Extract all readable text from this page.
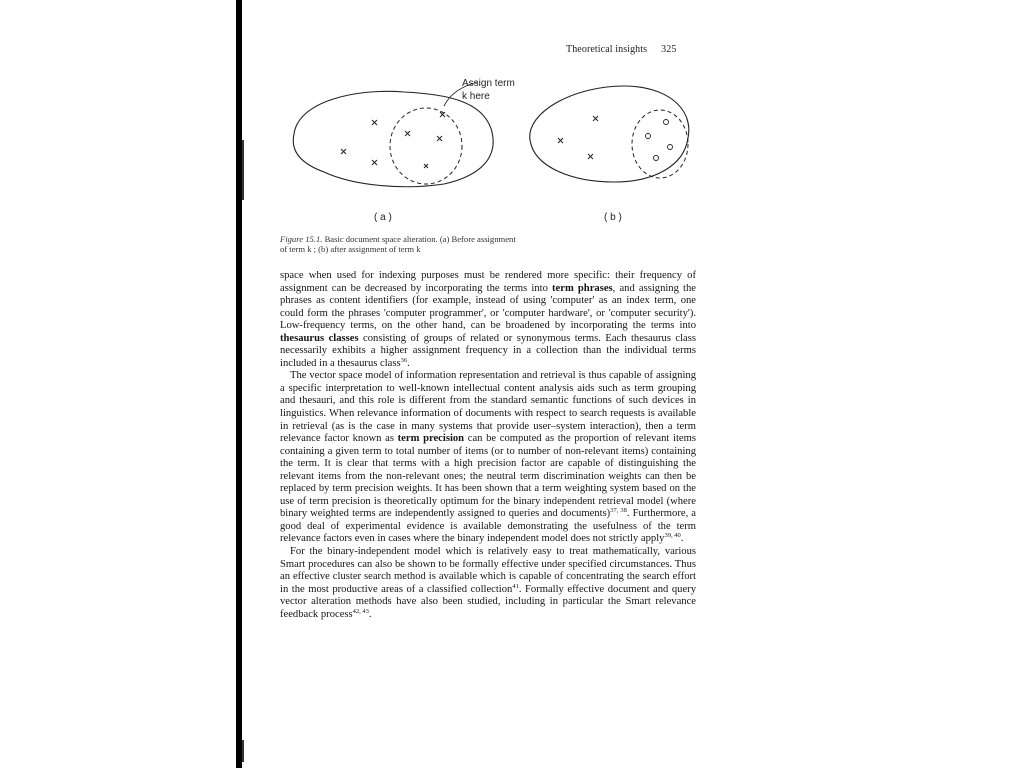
Theoretical insights 325
Assign term
k here
( a )	( b )

Figure 15.1. Basic document space alteration. (a) Before assignment

of term k ; (b) after assignment of term k

space when used for indexing purposes must be rendered more specific: their frequency of assignment can be decreased by incorporating the terms into term phrases, and assigning the phrases as content identifiers (for example, instead of using 'computer' as an index term, one could form the phrases 'computer programmer', or 'computer hardware', or 'computer security'). Low-frequency terms, on the other hand, can be broadened by incorporating the terms into thesaurus classes consisting of groups of related or synonymous terms. Each thesaurus class necessarily exhibits a higher assignment frequency in a collection than the individual terms included in a thesaurus class$^{36}$.

The vector space model of information representation and retrieval is thus capable of assigning a specific interpretation to well-known intellectual content analysis aids such as term grouping and thesauri, and this role is different from the standard semantic functions of such devices in linguistics. When relevance information of documents with respect to search requests is available in retrieval (as is the case in many systems that provide user–system interaction), then a term relevance factor known as term precision can be computed as the proportion of relevant items containing a given term to total number of items (or to number of non-relevant items) containing the term. It is clear that terms with a high precision factor are capable of distinguishing the relevant items from the non-relevant ones; the neutral term discrimination weights can then be replaced by term precision weights. It has been shown that a term weighting system based on the use of term precision is theoretically optimum for the binary independent retrieval model (where binary weighted terms are independently assigned to queries and documents)$^{37, 38}$. Furthermore, a good deal of experimental evidence is available demonstrating the usefulness of the term relevance factors even in cases where the binary independent model does not strictly apply$^{39, 40}$.

For the binary-independent model which is relatively easy to treat mathematically, various Smart procedures can also be shown to be formally effective under specified circumstances. Thus an effective cluster search method is available which is capable of concentrating the search effort in the most productive areas of a classified collection$^{41}$. Formally effective document and query vector alteration methods have also been studied, including in particular the Smart relevance feedback process$^{42, 43}$.
